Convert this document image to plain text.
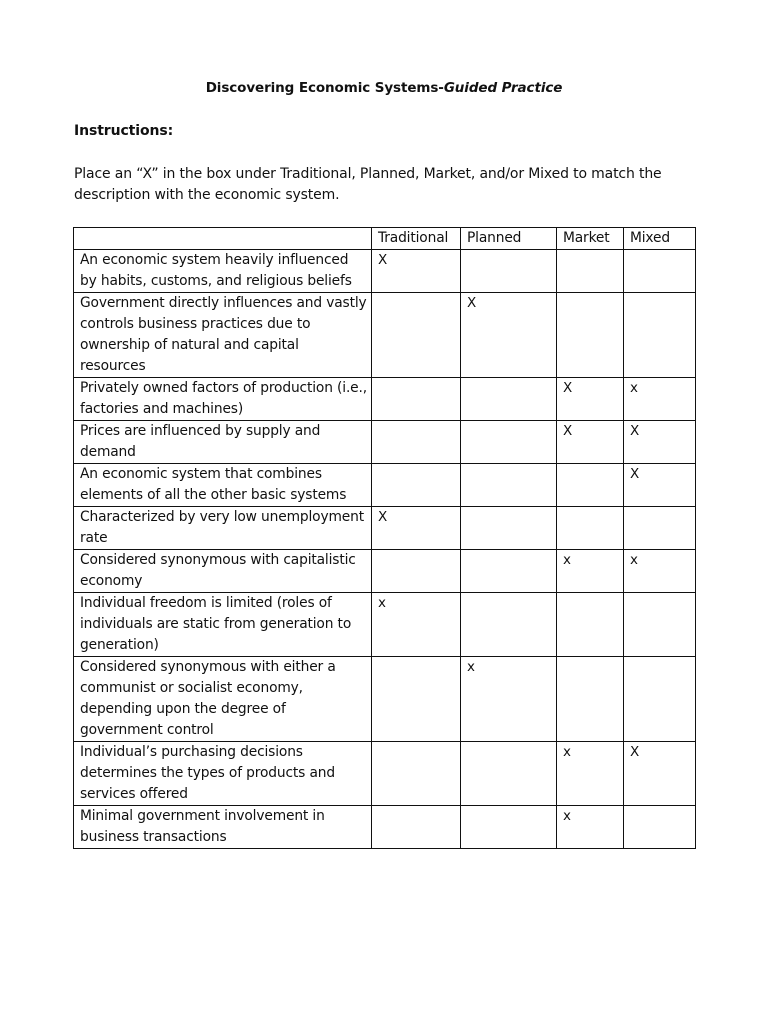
Discovering Economic Systems-Guided Practice
Instructions:
Place an “X” in the box under Traditional, Planned, Market, and/or Mixed to match the description with the economic system.
	Traditional	Planned	Market	Mixed
An economic system heavily influenced by habits, customs, and religious beliefs	X			
Government directly influences and vastly controls business practices due to ownership of natural and capital resources		X		
Privately owned factors of production (i.e., factories and machines)			X	x
Prices are influenced by supply and demand			X	X
An economic system that combines elements of all the other basic systems				X
Characterized by very low unemployment rate	X			
Considered synonymous with capitalistic economy			x	x
Individual freedom is limited (roles of individuals are static from generation to generation)	x			
Considered synonymous with either a communist or socialist economy, depending upon the degree of government control		x		
Individual’s purchasing decisions determines the types of products and services offered			x	X
Minimal government involvement in business transactions			x	
